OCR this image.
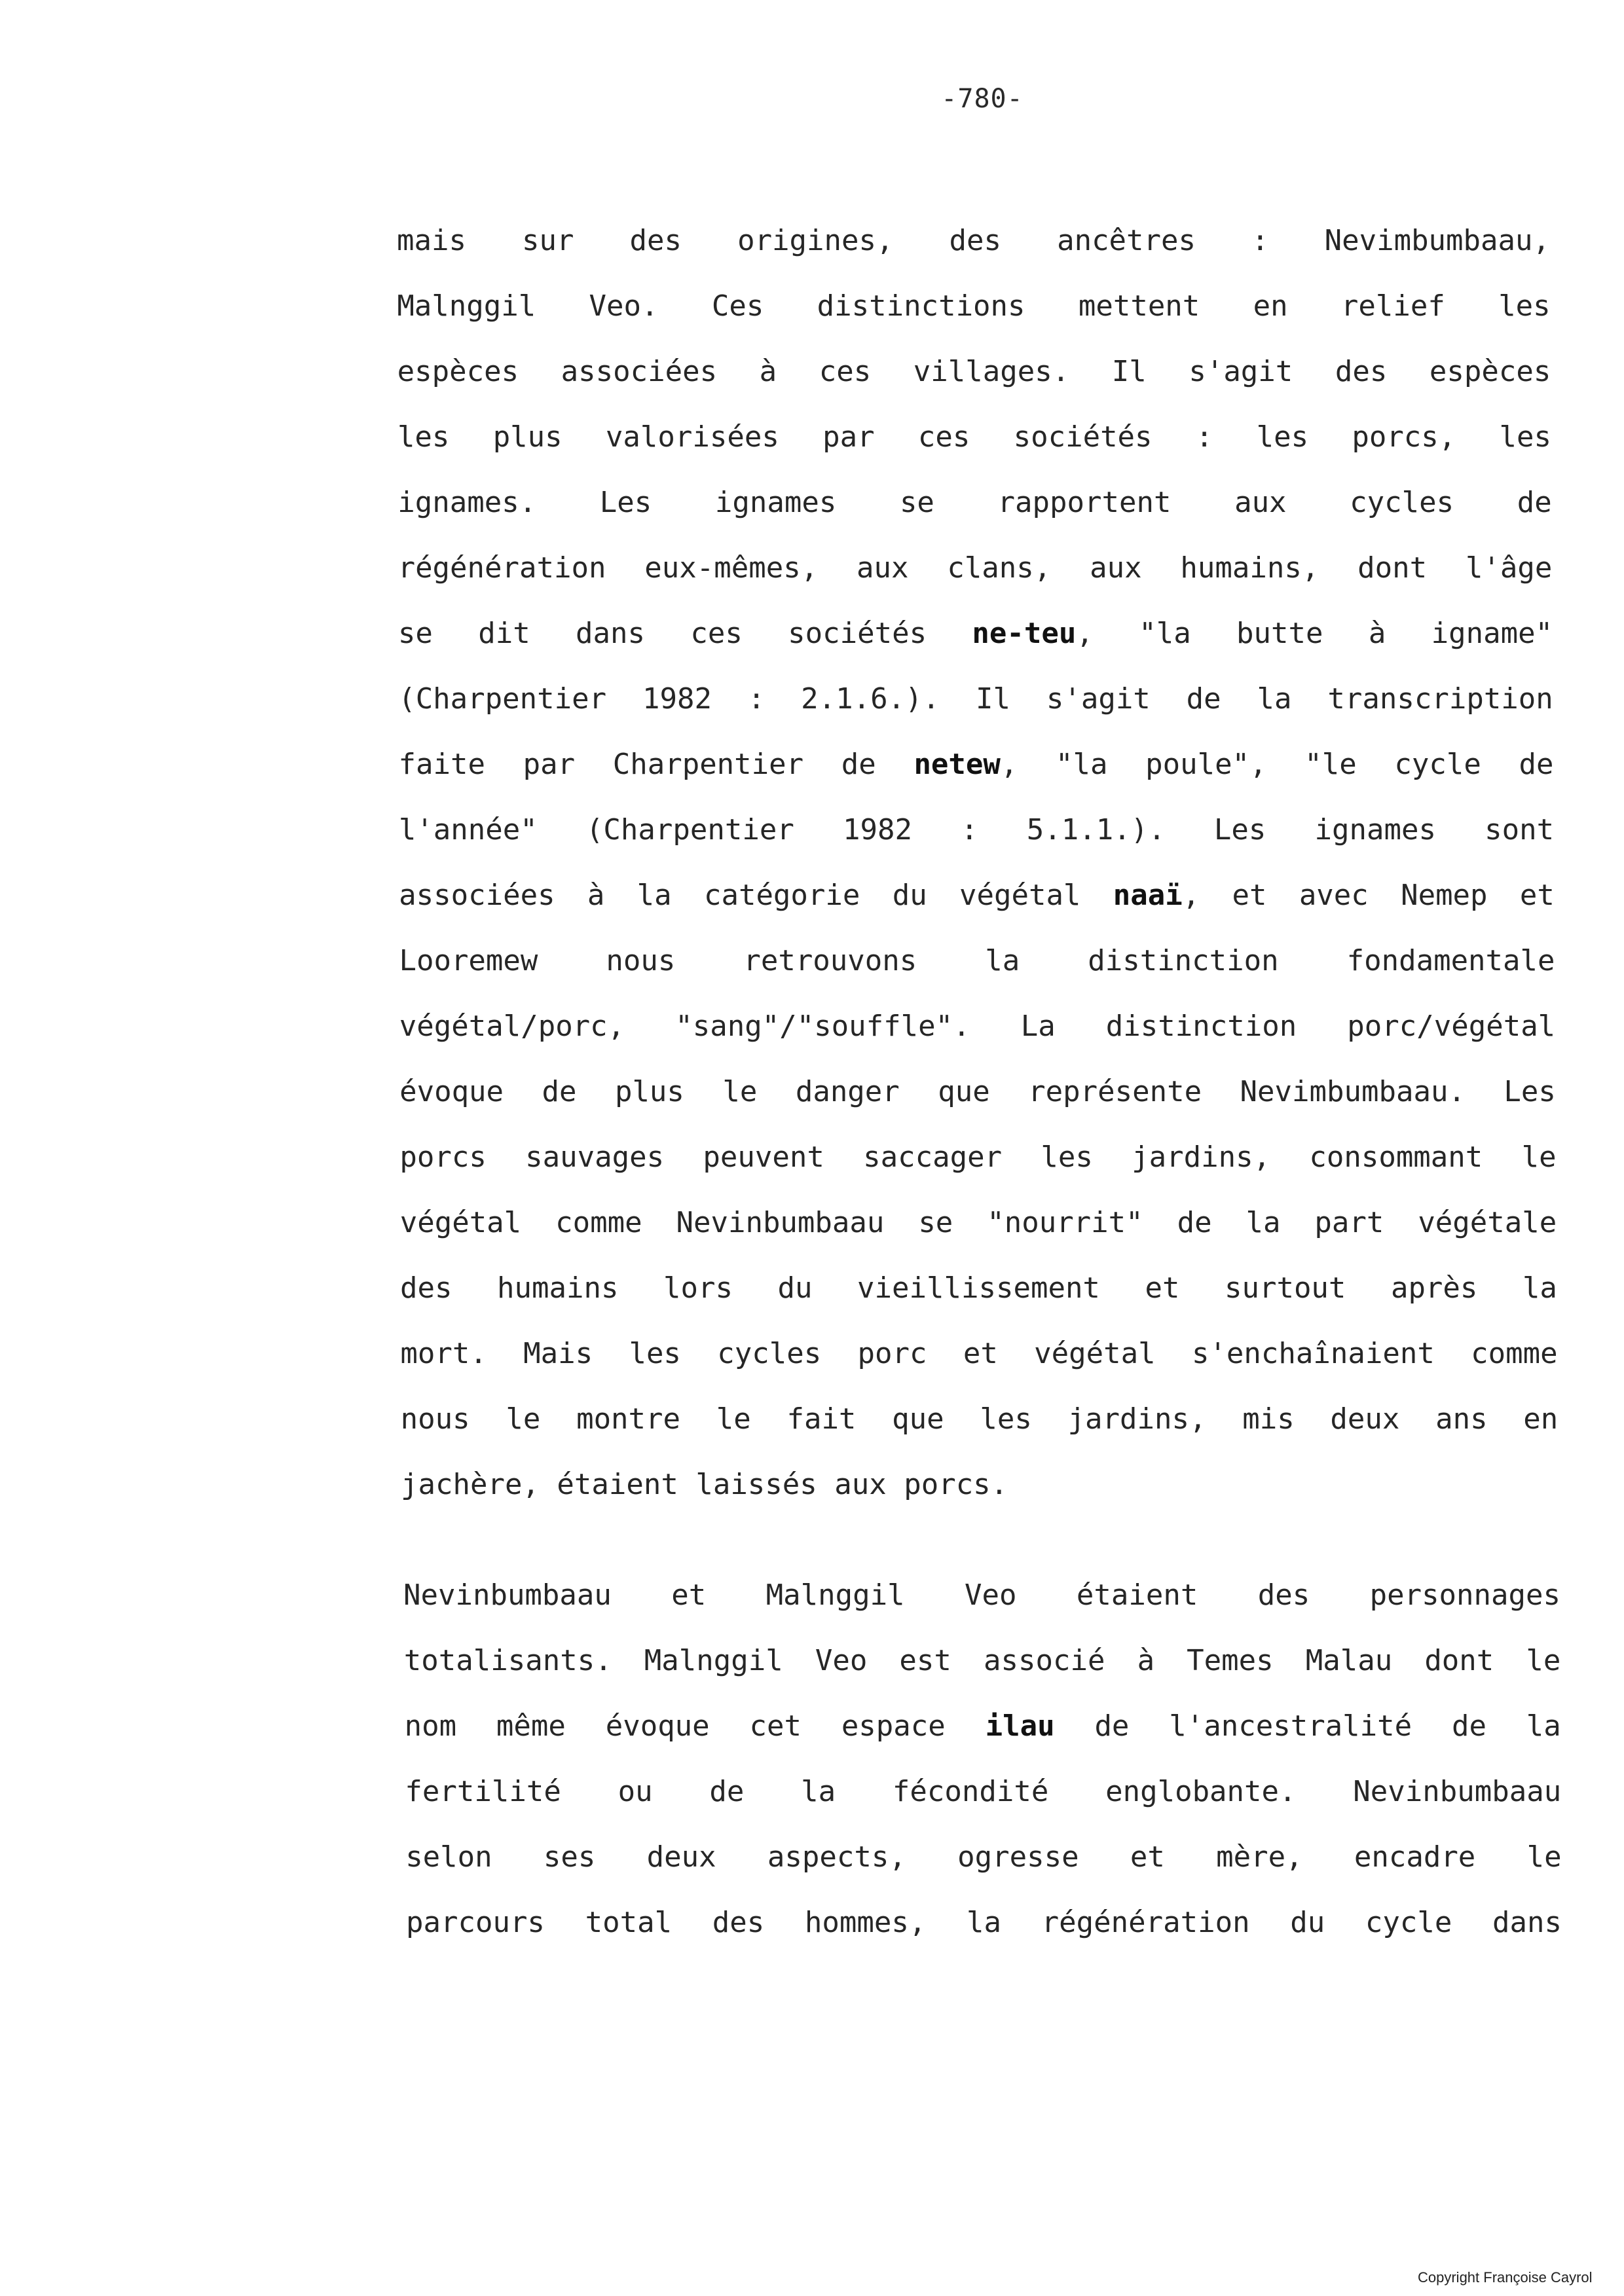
-780-
mais sur des origines, des ancêtres : Nevimbumbaau,
Malnggil Veo. Ces distinctions mettent en relief les
espèces associées à ces villages. Il s'agit des espèces
les plus valorisées par ces sociétés : les porcs, les
ignames. Les ignames se rapportent aux cycles de
régénération eux-mêmes, aux clans, aux humains, dont l'âge
se dit dans ces sociétés ne-teu, "la butte à igname"
(Charpentier 1982 : 2.1.6.). Il s'agit de la transcription
faite par Charpentier de netew, "la poule", "le cycle de
l'année" (Charpentier 1982 : 5.1.1.). Les ignames sont
associées à la catégorie du végétal naaï, et avec Nemep et
Looremew nous retrouvons la distinction fondamentale
végétal/porc, "sang"/"souffle". La distinction porc/végétal
évoque de plus le danger que représente Nevimbumbaau. Les
porcs sauvages peuvent saccager les jardins, consommant le
végétal comme Nevinbumbaau se "nourrit" de la part végétale
des humains lors du vieillissement et surtout après la
mort. Mais les cycles porc et végétal s'enchaînaient comme
nous le montre le fait que les jardins, mis deux ans en
jachère, étaient laissés aux porcs.
Nevinbumbaau et Malnggil Veo étaient des personnages
totalisants. Malnggil Veo est associé à Temes Malau dont le
nom même évoque cet espace ilau de l'ancestralité de la
fertilité ou de la fécondité englobante. Nevinbumbaau
selon ses deux aspects, ogresse et mère, encadre le
parcours total des hommes, la régénération du cycle dans
Copyright Françoise Cayrol
